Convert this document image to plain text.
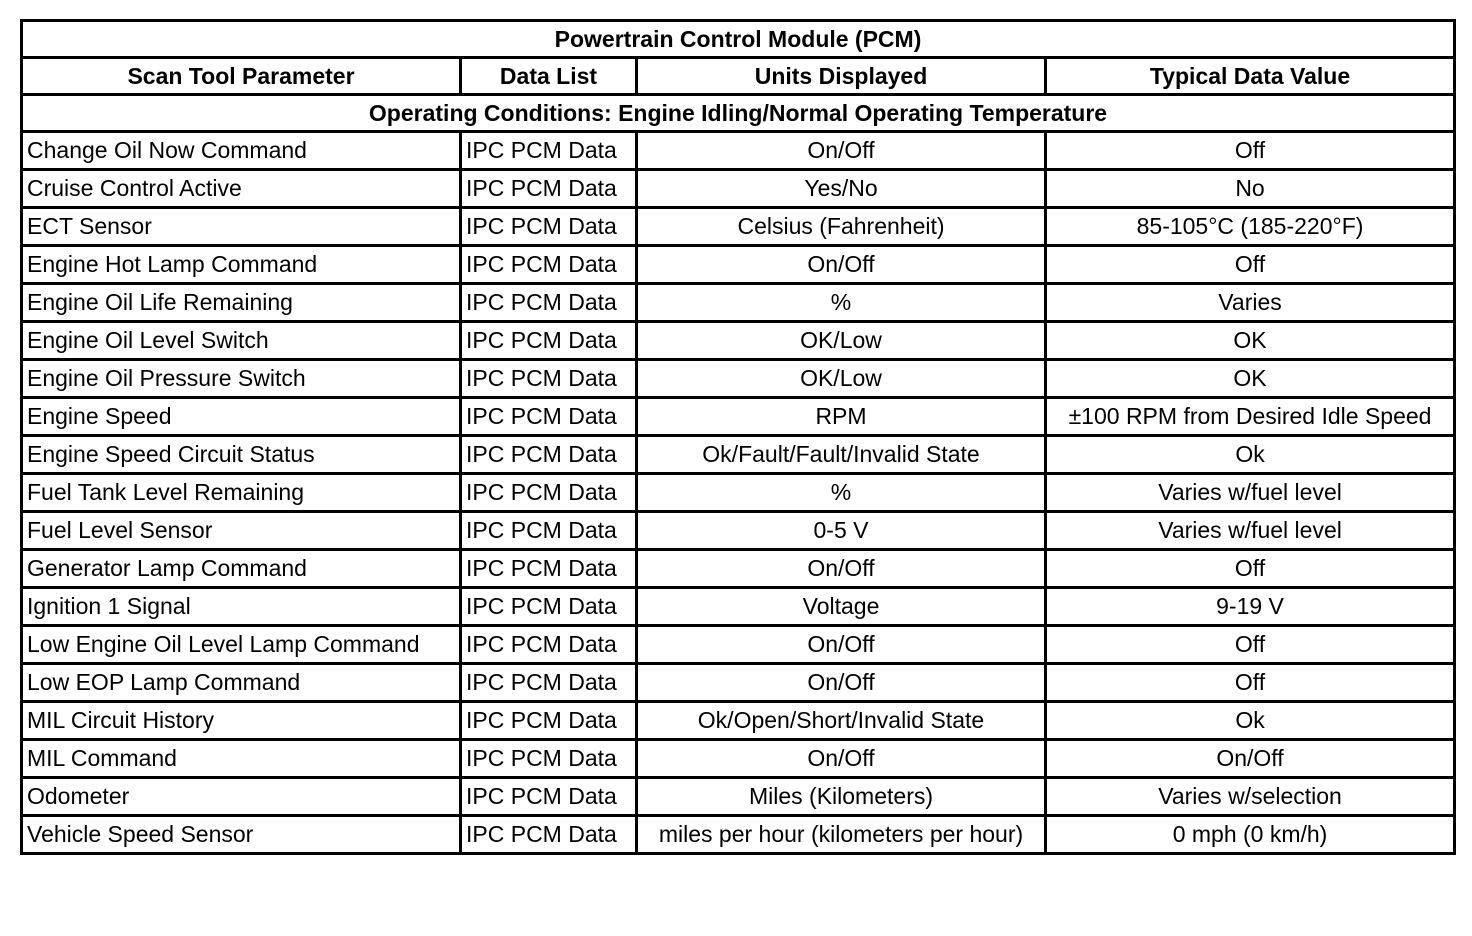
Powertrain Control Module (PCM)			
Scan Tool Parameter	Data List	Units Displayed	Typical Data Value
Operating Conditions: Engine Idling/Normal Operating Temperature			
Change Oil Now Command	IPC PCM Data	On/Off	Off
Cruise Control Active	IPC PCM Data	Yes/No	No
ECT Sensor	IPC PCM Data	Celsius (Fahrenheit)	85-105°C (185-220°F)
Engine Hot Lamp Command	IPC PCM Data	On/Off	Off
Engine Oil Life Remaining	IPC PCM Data	%	Varies
Engine Oil Level Switch	IPC PCM Data	OK/Low	OK
Engine Oil Pressure Switch	IPC PCM Data	OK/Low	OK
Engine Speed	IPC PCM Data	RPM	±100 RPM from Desired Idle Speed
Engine Speed Circuit Status	IPC PCM Data	Ok/Fault/Fault/Invalid State	Ok
Fuel Tank Level Remaining	IPC PCM Data	%	Varies w/fuel level
Fuel Level Sensor	IPC PCM Data	0-5 V	Varies w/fuel level
Generator Lamp Command	IPC PCM Data	On/Off	Off
Ignition 1 Signal	IPC PCM Data	Voltage	9-19 V
Low Engine Oil Level Lamp Command	IPC PCM Data	On/Off	Off
Low EOP Lamp Command	IPC PCM Data	On/Off	Off
MIL Circuit History	IPC PCM Data	Ok/Open/Short/Invalid State	Ok
MIL Command	IPC PCM Data	On/Off	On/Off
Odometer	IPC PCM Data	Miles (Kilometers)	Varies w/selection
Vehicle Speed Sensor	IPC PCM Data	miles per hour (kilometers per hour)	0 mph (0 km/h)
